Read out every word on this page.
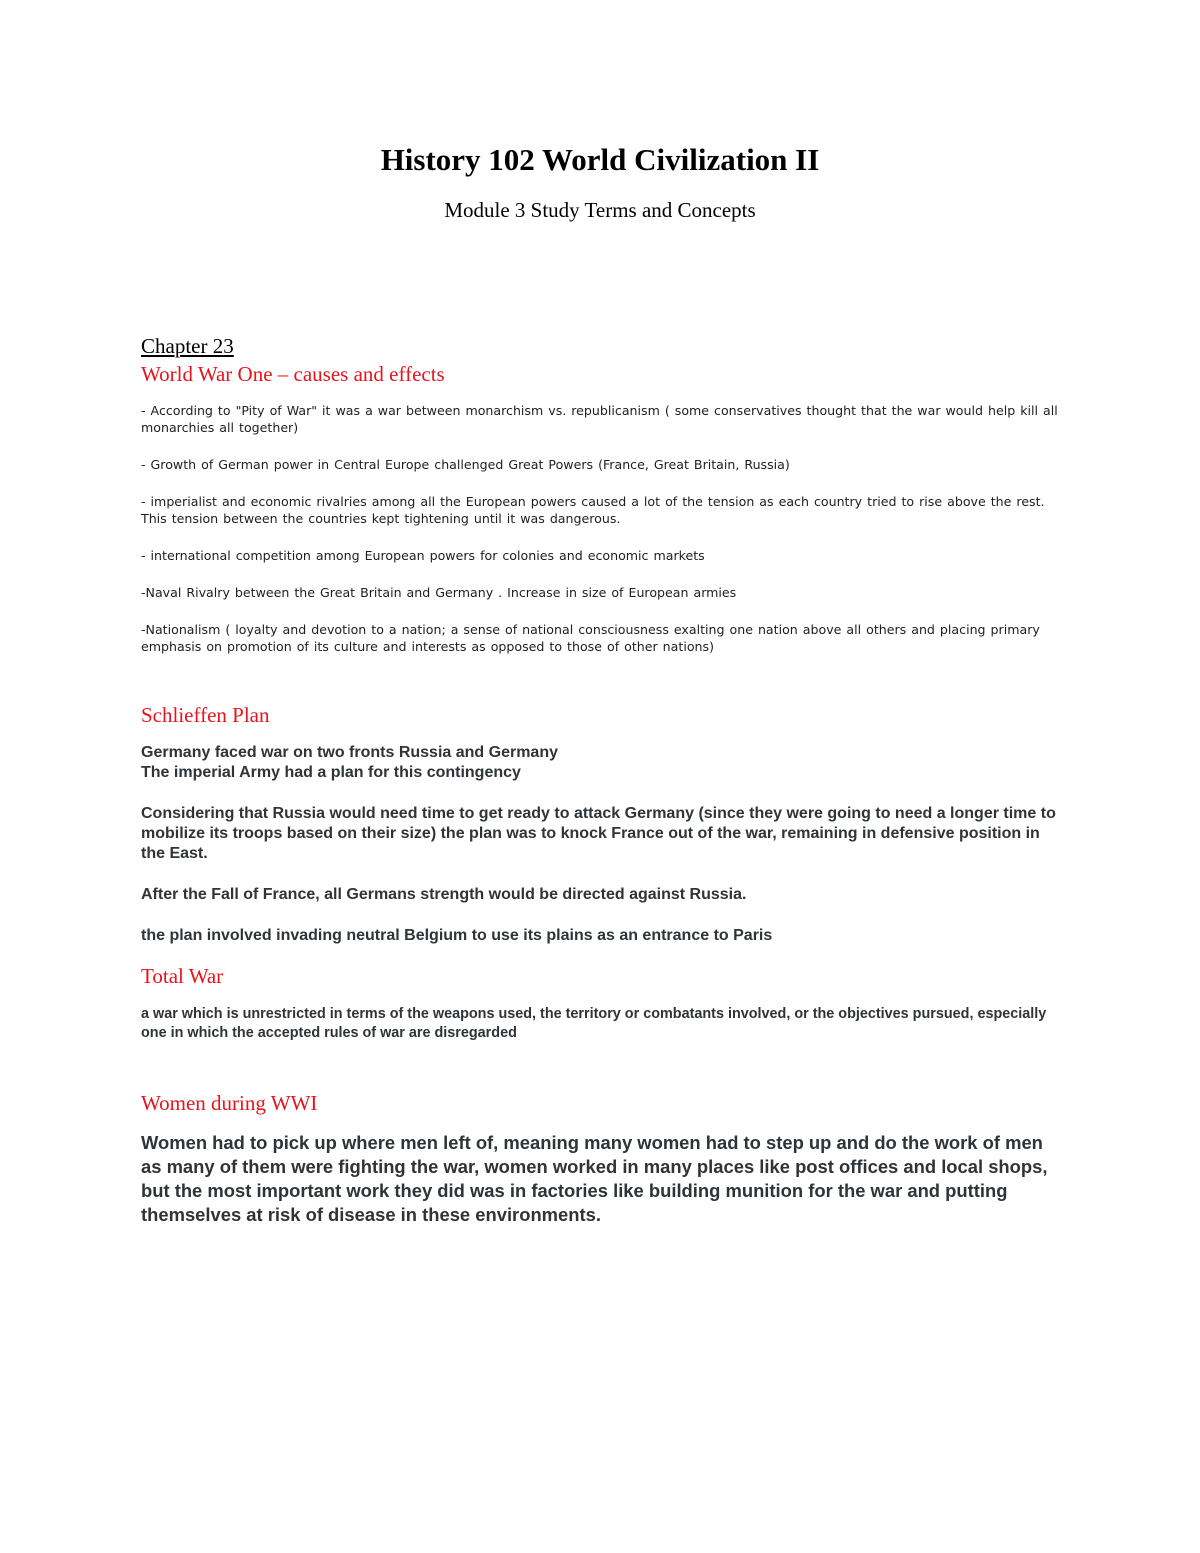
History 102 World Civilization II
Module 3 Study Terms and Concepts

Chapter 23

World War One – causes and effects
- According to "Pity of War" it was a war between monarchism vs. republicanism ( some conservatives thought that the war would help kill all monarchies all together)
- Growth of German power in Central Europe challenged Great Powers (France, Great Britain, Russia)
- imperialist and economic rivalries among all the European powers caused a lot of the tension as each country tried to rise above the rest. This tension between the countries kept tightening until it was dangerous.
- international competition among European powers for colonies and economic markets
-Naval Rivalry between the Great Britain and Germany . Increase in size of European armies
-Nationalism ( loyalty and devotion to a nation; a sense of national consciousness exalting one nation above all others and placing primary emphasis on promotion of its culture and interests as opposed to those of other nations)
Schlieffen Plan

Germany faced war on two fronts Russia and Germany

The imperial Army had a plan for this contingency

Considering that Russia would need time to get ready to attack Germany (since they were going to need a longer time to mobilize its troops based on their size) the plan was to knock France out of the war, remaining in defensive position in the East.

After the Fall of France, all Germans strength would be directed against Russia.

the plan involved invading neutral Belgium to use its plains as an entrance to Paris

Total War

a war which is unrestricted in terms of the weapons used, the territory or combatants involved, or the objectives pursued, especially one in which the accepted rules of war are disregarded

Women during WWI

Women had to pick up where men left of, meaning many women had to step up and do the work of men as many of them were fighting the war, women worked in many places like post offices and local shops, but the most important work they did was in factories like building munition for the war and putting themselves at risk of disease in these environments.
